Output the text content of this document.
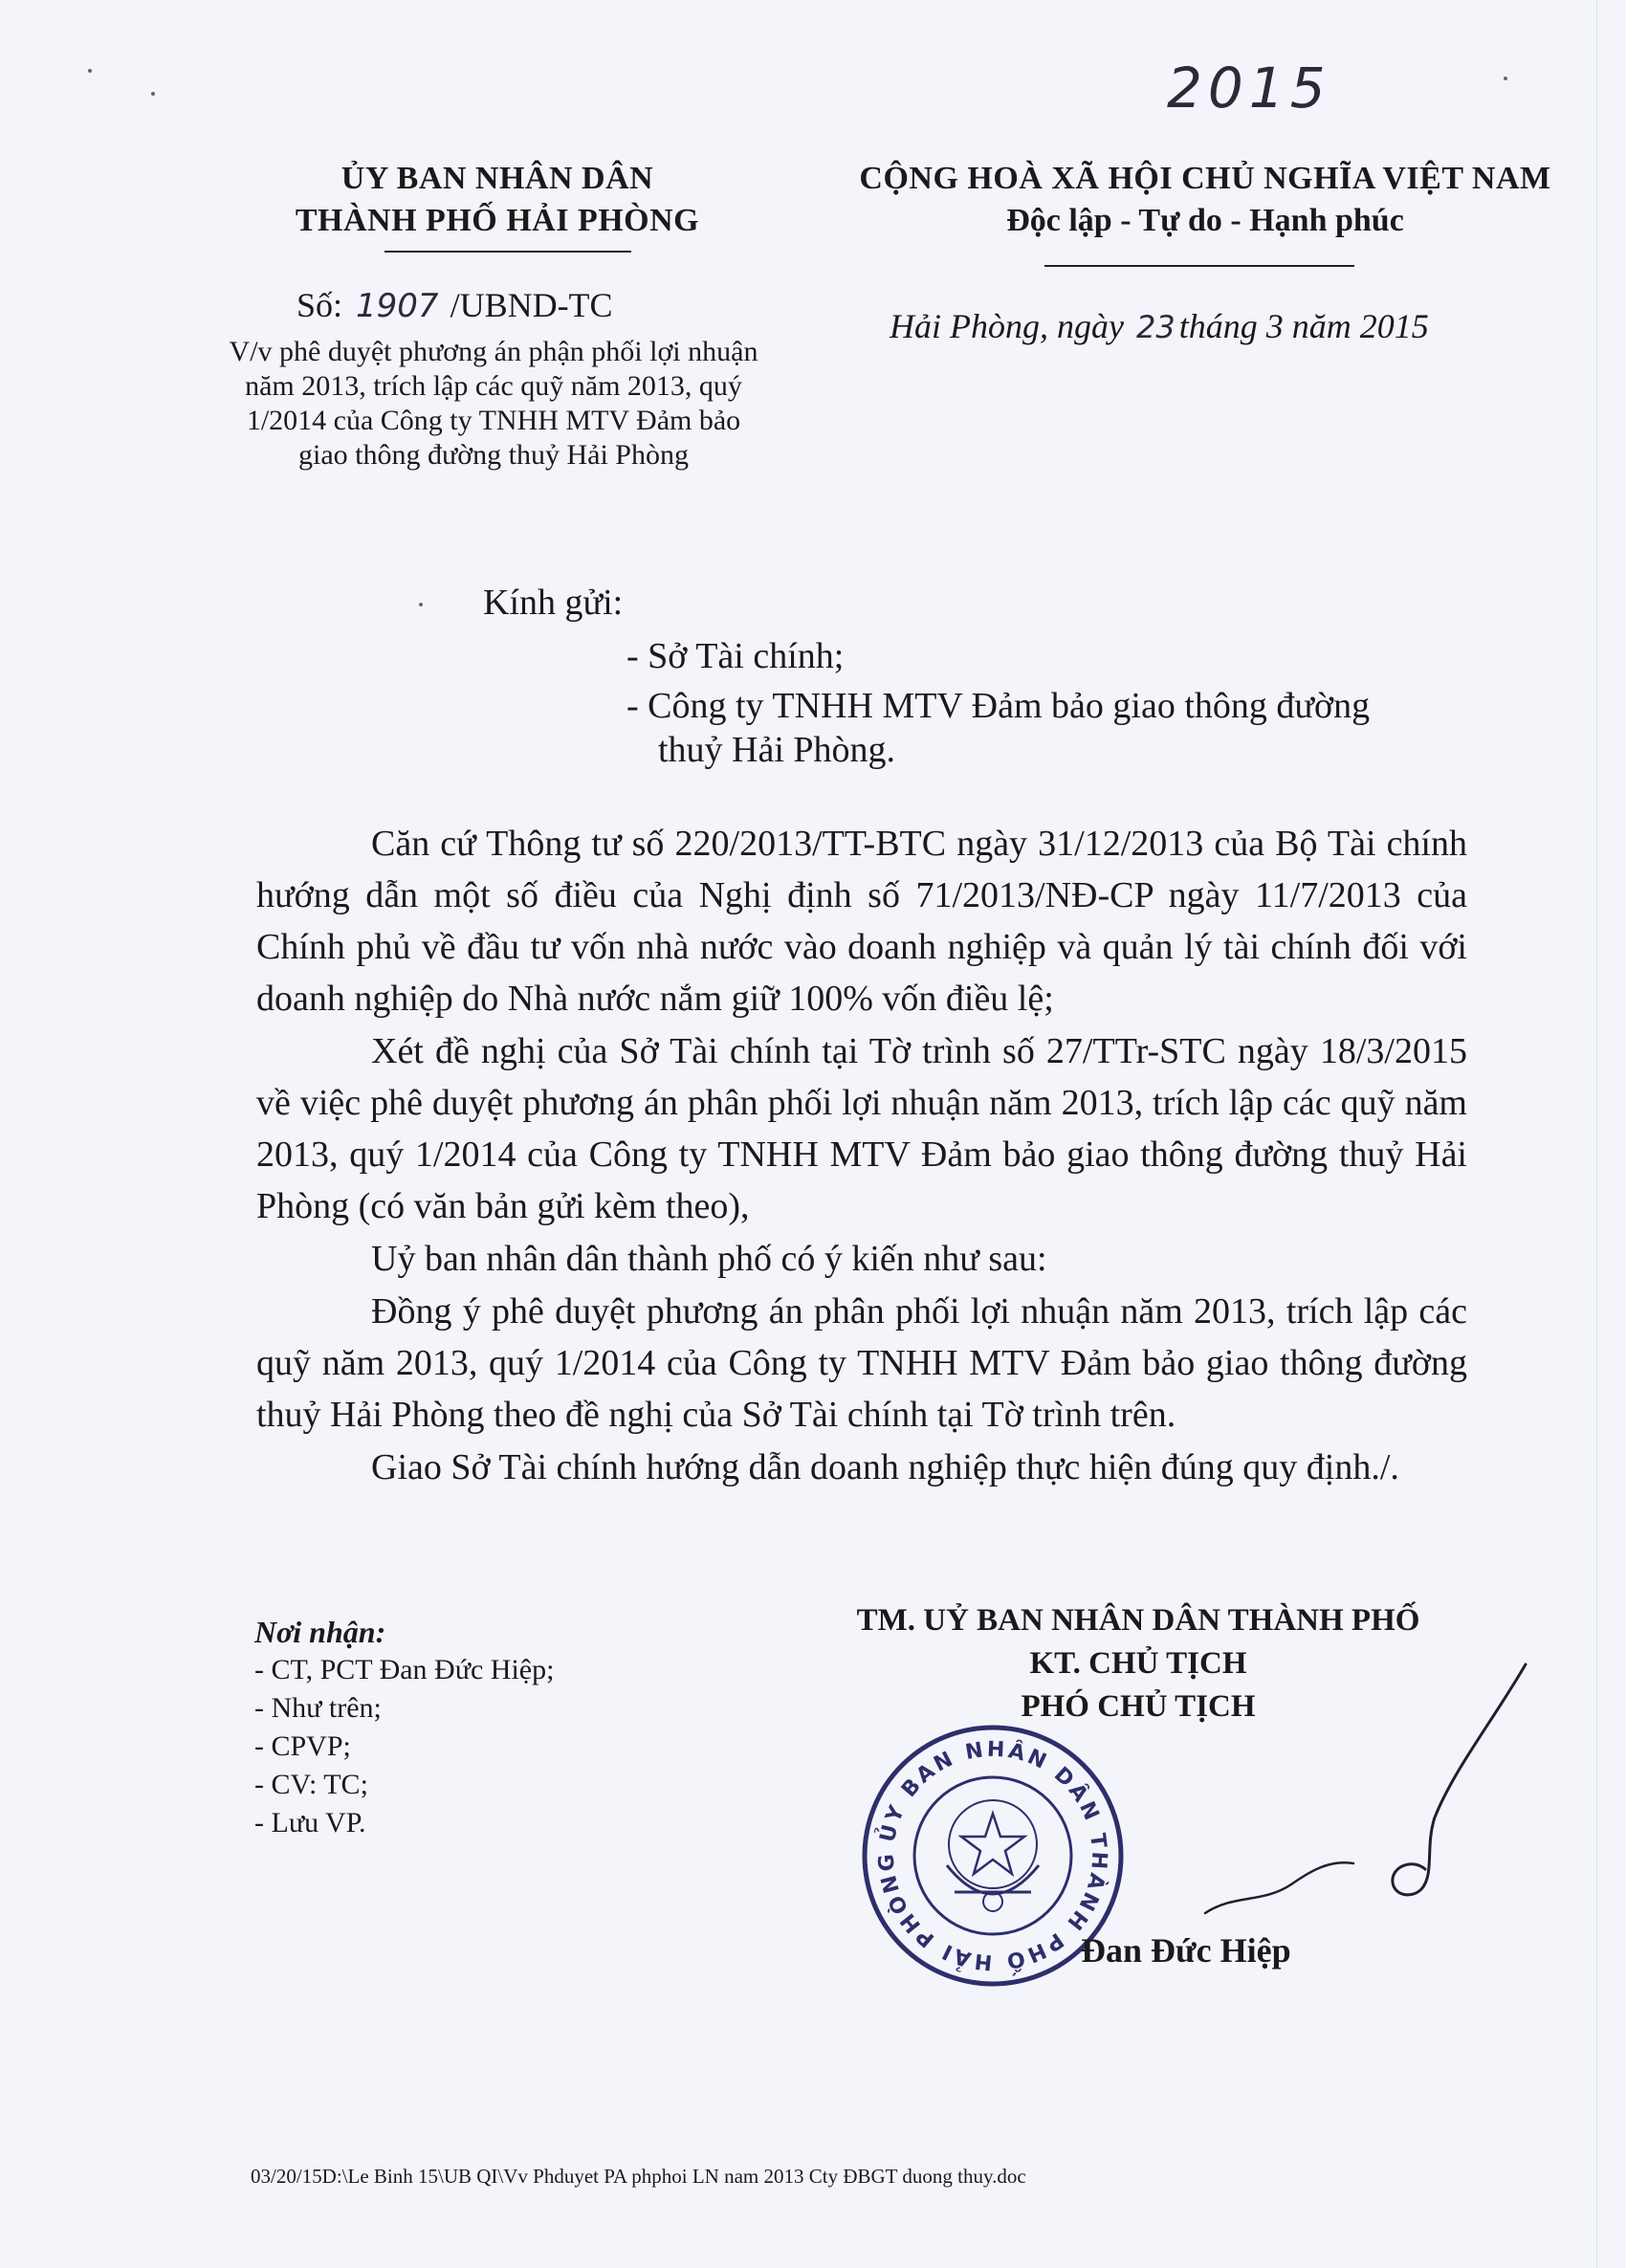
2015
ỦY BAN NHÂN DÂN
THÀNH PHỐ HẢI PHÒNG
CỘNG HOÀ XÃ HỘI CHỦ NGHĨA VIỆT NAM
Độc lập - Tự do - Hạnh phúc
Số: 1907 /UBND-TC
V/v phê duyệt phương án phận phối lợi nhuận năm 2013, trích lập các quỹ năm 2013, quý 1/2014 của Công ty TNHH MTV Đảm bảo giao thông đường thuỷ Hải Phòng
Hải Phòng, ngày 23 tháng 3 năm 2015
Kính gửi:
- Sở Tài chính;
- Công ty TNHH MTV Đảm bảo giao thông đường
thuỷ Hải Phòng.

Căn cứ Thông tư số 220/2013/TT-BTC ngày 31/12/2013 của Bộ Tài chính hướng dẫn một số điều của Nghị định số 71/2013/NĐ-CP ngày 11/7/2013 của Chính phủ về đầu tư vốn nhà nước vào doanh nghiệp và quản lý tài chính đối với doanh nghiệp do Nhà nước nắm giữ 100% vốn điều lệ;

Xét đề nghị của Sở Tài chính tại Tờ trình số 27/TTr-STC ngày 18/3/2015 về việc phê duyệt phương án phân phối lợi nhuận năm 2013, trích lập các quỹ năm 2013, quý 1/2014 của Công ty TNHH MTV Đảm bảo giao thông đường thuỷ Hải Phòng (có văn bản gửi kèm theo),

Uỷ ban nhân dân thành phố có ý kiến như sau:

Đồng ý phê duyệt phương án phân phối lợi nhuận năm 2013, trích lập các quỹ năm 2013, quý 1/2014 của Công ty TNHH MTV Đảm bảo giao thông đường thuỷ Hải Phòng theo đề nghị của Sở Tài chính tại Tờ trình trên.

Giao Sở Tài chính hướng dẫn doanh nghiệp thực hiện đúng quy định./.

Nơi nhận:
- CT, PCT Đan Đức Hiệp;
- Như trên;
- CPVP;
- CV: TC;
- Lưu VP.
TM. UỶ BAN NHÂN DÂN THÀNH PHỐ
KT. CHỦ TỊCH
PHÓ CHỦ TỊCH
ỦY BAN NHÂN DÂN THÀNH PHỐ HẢI PHÒNG
Đan Đức Hiệp
03/20/15D:\Le Binh 15\UB QI\Vv Phduyet PA phphoi LN nam 2013 Cty ĐBGT duong thuy.doc
